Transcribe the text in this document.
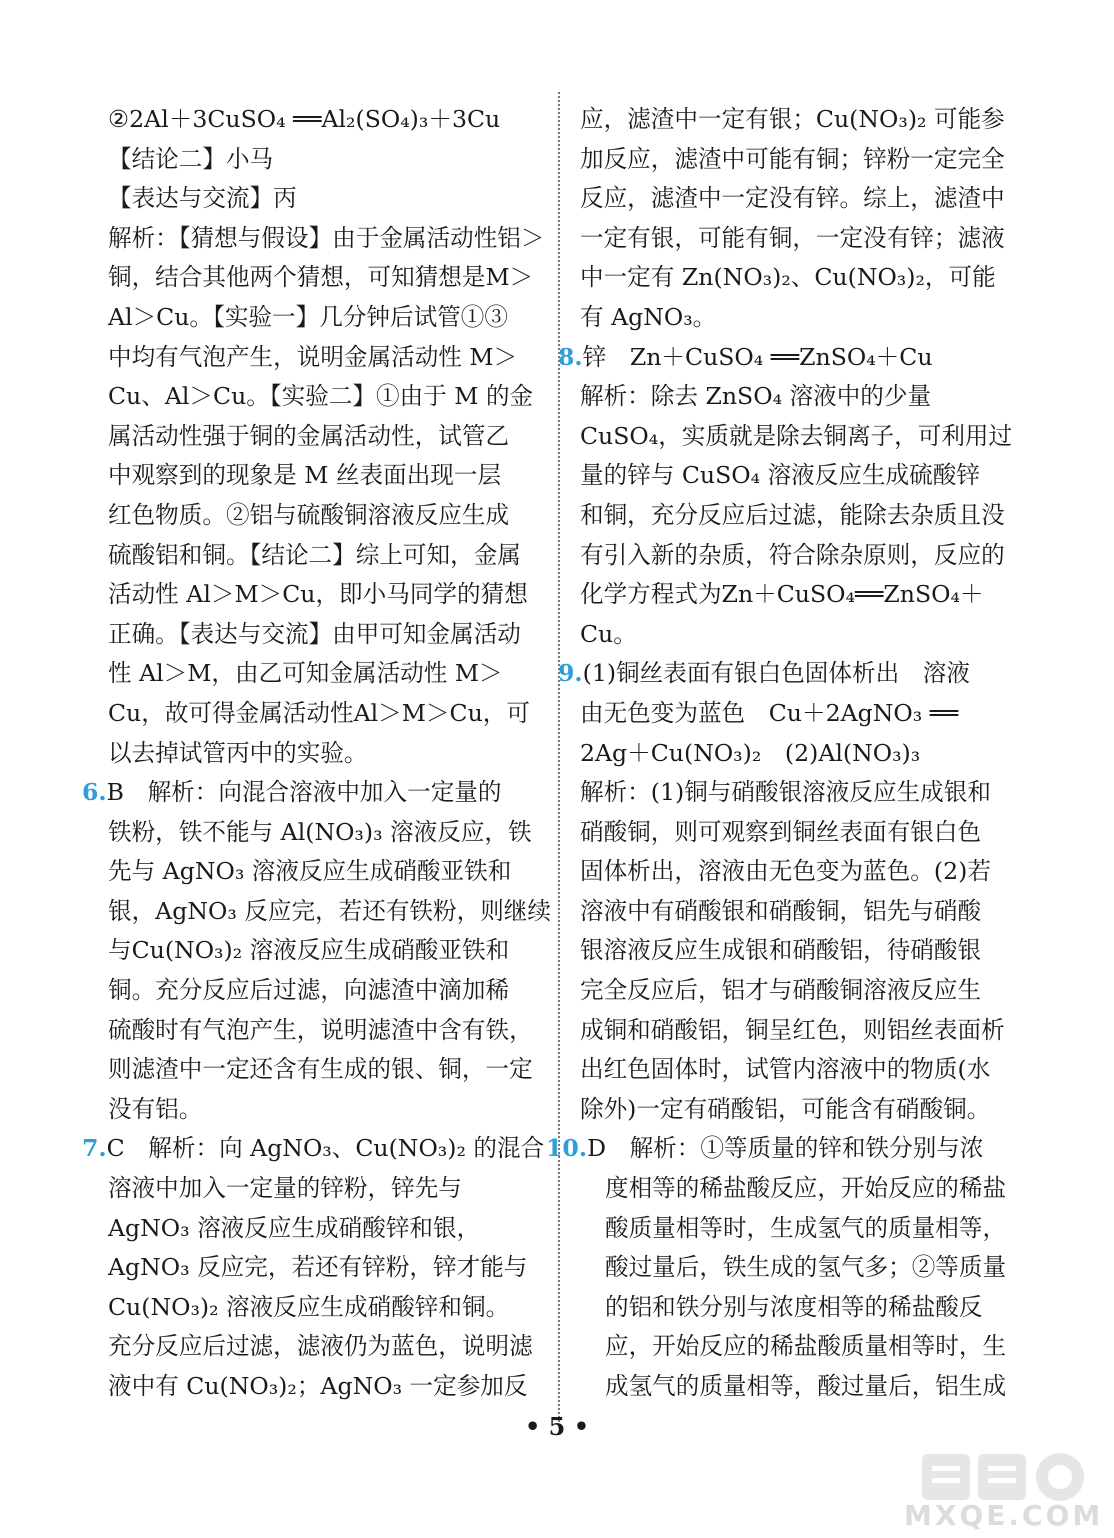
②2Al＋3CuSO₄ ══Al₂(SO₄)₃＋3Cu
【结论二】小马
【表达与交流】丙
解析：【猜想与假设】由于金属活动性铝＞
铜，结合其他两个猜想，可知猜想是M＞
Al＞Cu。【实验一】几分钟后试管①③
中均有气泡产生，说明金属活动性 M＞
Cu、Al＞Cu。【实验二】①由于 M 的金
属活动性强于铜的金属活动性，试管乙
中观察到的现象是 M 丝表面出现一层
红色物质。②铝与硫酸铜溶液反应生成
硫酸铝和铜。【结论二】综上可知，金属
活动性 Al＞M＞Cu，即小马同学的猜想
正确。【表达与交流】由甲可知金属活动
性 Al＞M，由乙可知金属活动性 M＞
Cu，故可得金属活动性Al＞M＞Cu，可
以去掉试管丙中的实验。
6.B　解析：向混合溶液中加入一定量的
铁粉，铁不能与 Al(NO₃)₃ 溶液反应，铁
先与 AgNO₃ 溶液反应生成硝酸亚铁和
银，AgNO₃ 反应完，若还有铁粉，则继续
与Cu(NO₃)₂ 溶液反应生成硝酸亚铁和
铜。充分反应后过滤，向滤渣中滴加稀
硫酸时有气泡产生，说明滤渣中含有铁，
则滤渣中一定还含有生成的银、铜，一定
没有铝。
7.C　解析：向 AgNO₃、Cu(NO₃)₂ 的混合
溶液中加入一定量的锌粉，锌先与
AgNO₃ 溶液反应生成硝酸锌和银，
AgNO₃ 反应完，若还有锌粉，锌才能与
Cu(NO₃)₂ 溶液反应生成硝酸锌和铜。
充分反应后过滤，滤液仍为蓝色，说明滤
液中有 Cu(NO₃)₂；AgNO₃ 一定参加反
应，滤渣中一定有银；Cu(NO₃)₂ 可能参
加反应，滤渣中可能有铜；锌粉一定完全
反应，滤渣中一定没有锌。综上，滤渣中
一定有银，可能有铜，一定没有锌；滤液
中一定有 Zn(NO₃)₂、Cu(NO₃)₂，可能
有 AgNO₃。
8.锌　Zn＋CuSO₄ ══ZnSO₄＋Cu
解析：除去 ZnSO₄ 溶液中的少量
CuSO₄，实质就是除去铜离子，可利用过
量的锌与 CuSO₄ 溶液反应生成硫酸锌
和铜，充分反应后过滤，能除去杂质且没
有引入新的杂质，符合除杂原则，反应的
化学方程式为Zn＋CuSO₄══ZnSO₄＋
Cu。
9.(1)铜丝表面有银白色固体析出　溶液
由无色变为蓝色　Cu＋2AgNO₃ ══
2Ag＋Cu(NO₃)₂　(2)Al(NO₃)₃
解析：(1)铜与硝酸银溶液反应生成银和
硝酸铜，则可观察到铜丝表面有银白色
固体析出，溶液由无色变为蓝色。(2)若
溶液中有硝酸银和硝酸铜，铝先与硝酸
银溶液反应生成银和硝酸铝，待硝酸银
完全反应后，铝才与硝酸铜溶液反应生
成铜和硝酸铝，铜呈红色，则铝丝表面析
出红色固体时，试管内溶液中的物质(水
除外)一定有硝酸铝，可能含有硝酸铜。
10.D　解析：①等质量的锌和铁分别与浓
度相等的稀盐酸反应，开始反应的稀盐
酸质量相等时，生成氢气的质量相等，
酸过量后，铁生成的氢气多；②等质量
的铝和铁分别与浓度相等的稀盐酸反
应，开始反应的稀盐酸质量相等时，生
成氢气的质量相等，酸过量后，铝生成
• 5 •
MXQE.COM
